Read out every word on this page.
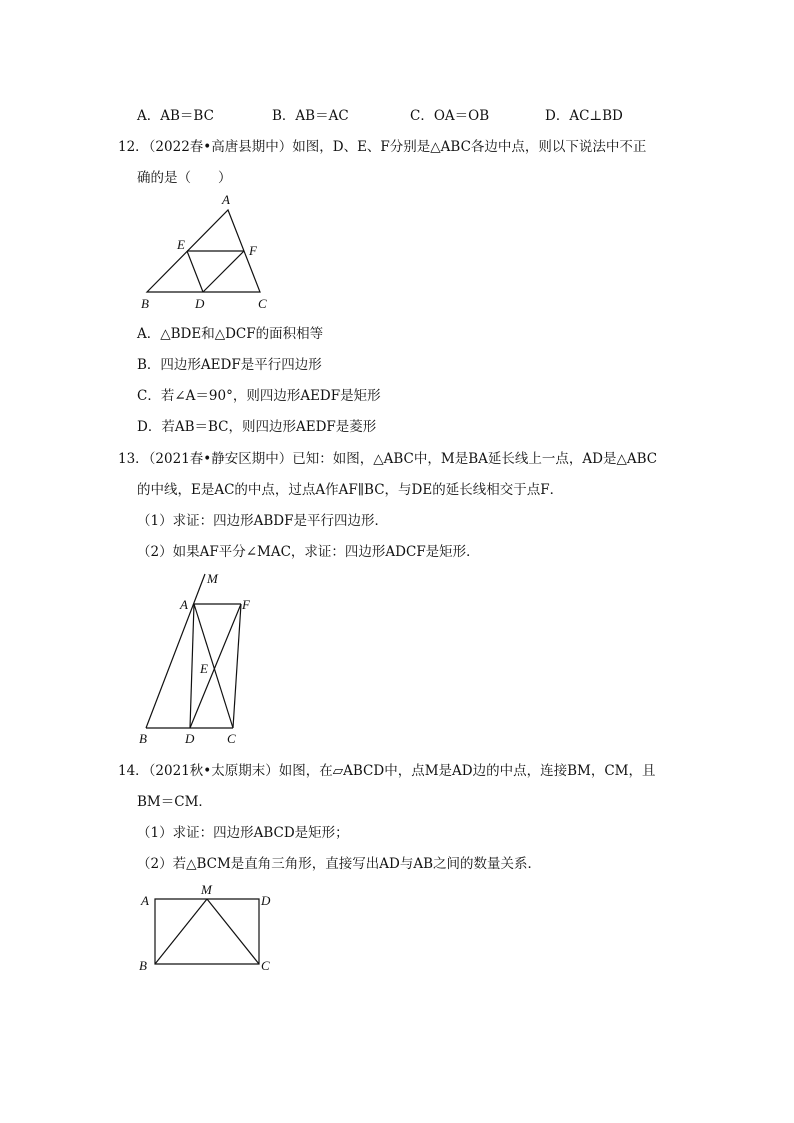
A．AB＝BC	B．AB＝AC	C．OA＝OB	D．AC⊥BD
12．（2022春•高唐县期中）如图，D、E、F分别是△ABC各边中点，则以下说法中不正
确的是（　　）
A
E	F
B	D	C
A．△BDE和△DCF的面积相等
B．四边形AEDF是平行四边形
C．若∠A＝90°，则四边形AEDF是矩形
D．若AB＝BC，则四边形AEDF是菱形
13．（2021春•静安区期中）已知：如图，△ABC中，M是BA延长线上一点，AD是△ABC
的中线，E是AC的中点，过点A作AF∥BC，与DE的延长线相交于点F．
（1）求证：四边形ABDF是平行四边形．
（2）如果AF平分∠MAC，求证：四边形ADCF是矩形．
M
A	F
E
B	D	C
14．（2021秋•太原期末）如图，在▱ABCD中，点M是AD边的中点，连接BM，CM，且
BM＝CM．
（1）求证：四边形ABCD是矩形；
（2）若△BCM是直角三角形，直接写出AD与AB之间的数量关系．
M
A	D
B	C
